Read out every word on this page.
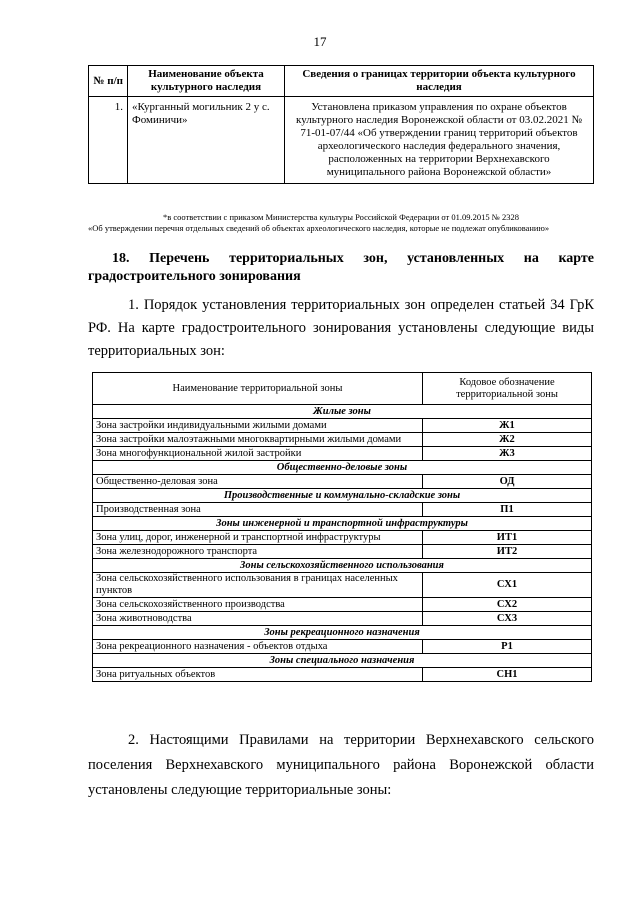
17
№ п/п	Наименование объекта культурного наследия	Сведения о границах территории объекта культурного наследия
1.	«Курганный могильник 2 у с. Фоминичи»	Установлена приказом управления по охране объектов культурного наследия Воронежской области от 03.02.2021 № 71-01-07/44 «Об утверждении границ территорий объектов археологического наследия федерального значения, расположенных на территории Верхнехавского муниципального района Воронежской области»
*в соответствии с приказом Министерства культуры Российской Федерации от 01.09.2015 № 2328
«Об утверждении перечня отдельных сведений об объектах археологического наследия, которые не подлежат опубликованию»
18. Перечень территориальных зон, установленных на карте градостроительного зонирования
1. Порядок установления территориальных зон определен статьей 34 ГрК РФ. На карте градостроительного зонирования установлены следующие виды территориальных зон:
Наименование территориальной зоны	Кодовое обозначение территориальной зоны
Жилые зоны	
Зона застройки индивидуальными жилыми домами	Ж1
Зона застройки малоэтажными многоквартирными жилыми домами	Ж2
Зона многофункциональной жилой застройки	Ж3
Общественно-деловые зоны	
Общественно-деловая зона	ОД
Производственные и коммунально-складские зоны	
Производственная зона	П1
Зоны инженерной и транспортной инфраструктуры	
Зона улиц, дорог, инженерной и транспортной инфраструктуры	ИТ1
Зона железнодорожного транспорта	ИТ2
Зоны сельскохозяйственного использования	
Зона сельскохозяйственного использования в границах населенных пунктов	СХ1
Зона сельскохозяйственного производства	СХ2
Зона животноводства	СХ3
Зоны рекреационного назначения	
Зона рекреационного назначения - объектов отдыха	Р1
Зоны специального назначения	
Зона ритуальных объектов	СН1
2. Настоящими Правилами на территории Верхнехавского сельского поселения Верхнехавского муниципального района Воронежской области установлены следующие территориальные зоны:
